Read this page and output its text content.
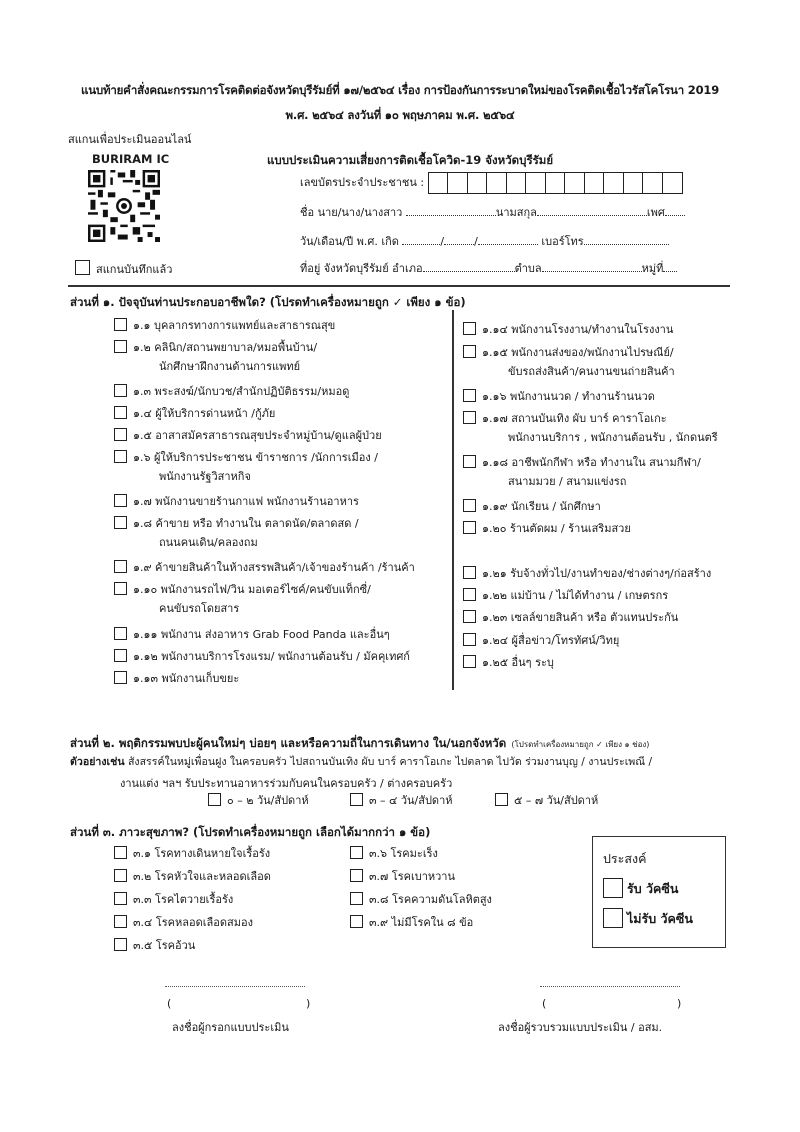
แนบท้ายคำสั่งคณะกรรมการโรคติดต่อจังหวัดบุรีรัมย์ที่ ๑๗/๒๕๖๔ เรื่อง การป้องกันการระบาดใหม่ของโรคติดเชื้อไวรัสโคโรนา 2019
พ.ศ. ๒๕๖๔ ลงวันที่ ๑๐ พฤษภาคม พ.ศ. ๒๕๖๔
สแกนเพื่อประเมินออนไลน์
BURIRAM IC
สแกนบันทึกแล้ว
แบบประเมินความเสี่ยงการติดเชื้อโควิด-19 จังหวัดบุรีรัมย์
เลขบัตรประจำประชาชน :
ชื่อ นาย/นาง/นางสาว	นามสกุล	เพศ
วัน/เดือน/ปี พ.ศ. เกิด	/	/	เบอร์โทร
ที่อยู่ จังหวัดบุรีรัมย์ อำเภอ	ตำบล	หมู่ที่
ส่วนที่ ๑. ปัจจุบันท่านประกอบอาชีพใด? (โปรดทำเครื่องหมายถูก ✓ เพียง ๑ ข้อ)
๑.๑ บุคลากรทางการแพทย์และสาธารณสุข
๑.๒ คลินิก/สถานพยาบาล/หมอพื้นบ้าน/
นักศึกษาฝึกงานด้านการแพทย์
๑.๓ พระสงฆ์/นักบวช/สำนักปฏิบัติธรรม/หมอดู
๑.๔ ผู้ให้บริการด่านหน้า /กู้ภัย
๑.๕ อาสาสมัครสาธารณสุขประจำหมู่บ้าน/ดูแลผู้ป่วย
๑.๖ ผู้ให้บริการประชาชน ข้าราชการ /นักการเมือง /
พนักงานรัฐวิสาหกิจ
๑.๗ พนักงานขายร้านกาแฟ พนักงานร้านอาหาร
๑.๘ ค้าขาย หรือ ทำงานใน ตลาดนัด/ตลาดสด /
ถนนคนเดิน/คลองถม
๑.๙ ค้าขายสินค้าในห้างสรรพสินค้า/เจ้าของร้านค้า /ร้านค้า
๑.๑๐ พนักงานรถไฟ/วิน มอเตอร์ไซค์/คนขับแท็กซี่/
คนขับรถโดยสาร
๑.๑๑ พนักงาน ส่งอาหาร Grab Food Panda และอื่นๆ
๑.๑๒ พนักงานบริการโรงแรม/ พนักงานต้อนรับ / มัคคุเทศก์
๑.๑๓ พนักงานเก็บขยะ
๑.๑๔ พนักงานโรงงาน/ทำงานในโรงงาน
๑.๑๕ พนักงานส่งของ/พนักงานไปรษณีย์/
ขับรถส่งสินค้า/คนงานขนถ่ายสินค้า
๑.๑๖ พนักงานนวด / ทำงานร้านนวด
๑.๑๗ สถานบันเทิง ผับ บาร์ คาราโอเกะ
พนักงานบริการ , พนักงานต้อนรับ , นักดนตรี
๑.๑๘ อาชีพนักกีฬา หรือ ทำงานใน สนามกีฬา/
สนามมวย / สนามแข่งรถ
๑.๑๙ นักเรียน / นักศึกษา
๑.๒๐ ร้านตัดผม / ร้านเสริมสวย
๑.๒๑ รับจ้างทั่วไป/งานทำของ/ช่างต่างๆ/ก่อสร้าง
๑.๒๒ แม่บ้าน / ไม่ได้ทำงาน / เกษตรกร
๑.๒๓ เซลล์ขายสินค้า หรือ ตัวแทนประกัน
๑.๒๔ ผู้สื่อข่าว/โทรทัศน์/วิทยุ
๑.๒๕ อื่นๆ ระบุ
ส่วนที่ ๒. พฤติกรรมพบปะผู้คนใหม่ๆ บ่อยๆ และหรือความถี่ในการเดินทาง ใน/นอกจังหวัด (โปรดทำเครื่องหมายถูก ✓ เพียง ๑ ช่อง)
ตัวอย่างเช่น สังสรรค์ในหมู่เพื่อนฝูง ในครอบครัว ไปสถานบันเทิง ผับ บาร์ คาราโอเกะ ไปตลาด ไปวัด ร่วมงานบุญ / งานประเพณี /
งานแต่ง ฯลฯ รับประทานอาหารร่วมกับคนในครอบครัว / ต่างครอบครัว
๐ – ๒ วัน/สัปดาห์	๓ – ๔ วัน/สัปดาห์	๕ – ๗ วัน/สัปดาห์
ส่วนที่ ๓. ภาวะสุขภาพ? (โปรดทำเครื่องหมายถูก เลือกได้มากกว่า ๑ ข้อ)
๓.๑ โรคทางเดินหายใจเรื้อรัง
๓.๒ โรคหัวใจและหลอดเลือด
๓.๓ โรคไตวายเรื้อรัง
๓.๔ โรคหลอดเลือดสมอง
๓.๕ โรคอ้วน
๓.๖ โรคมะเร็ง
๓.๗ โรคเบาหวาน
๓.๘ โรคความดันโลหิตสูง
๓.๙ ไม่มีโรคใน ๘ ข้อ
ประสงค์
รับ วัคซีน
ไม่รับ วัคซีน
(	)
ลงชื่อผู้กรอกแบบประเมิน
(	)
ลงชื่อผู้รวบรวมแบบประเมิน / อสม.
